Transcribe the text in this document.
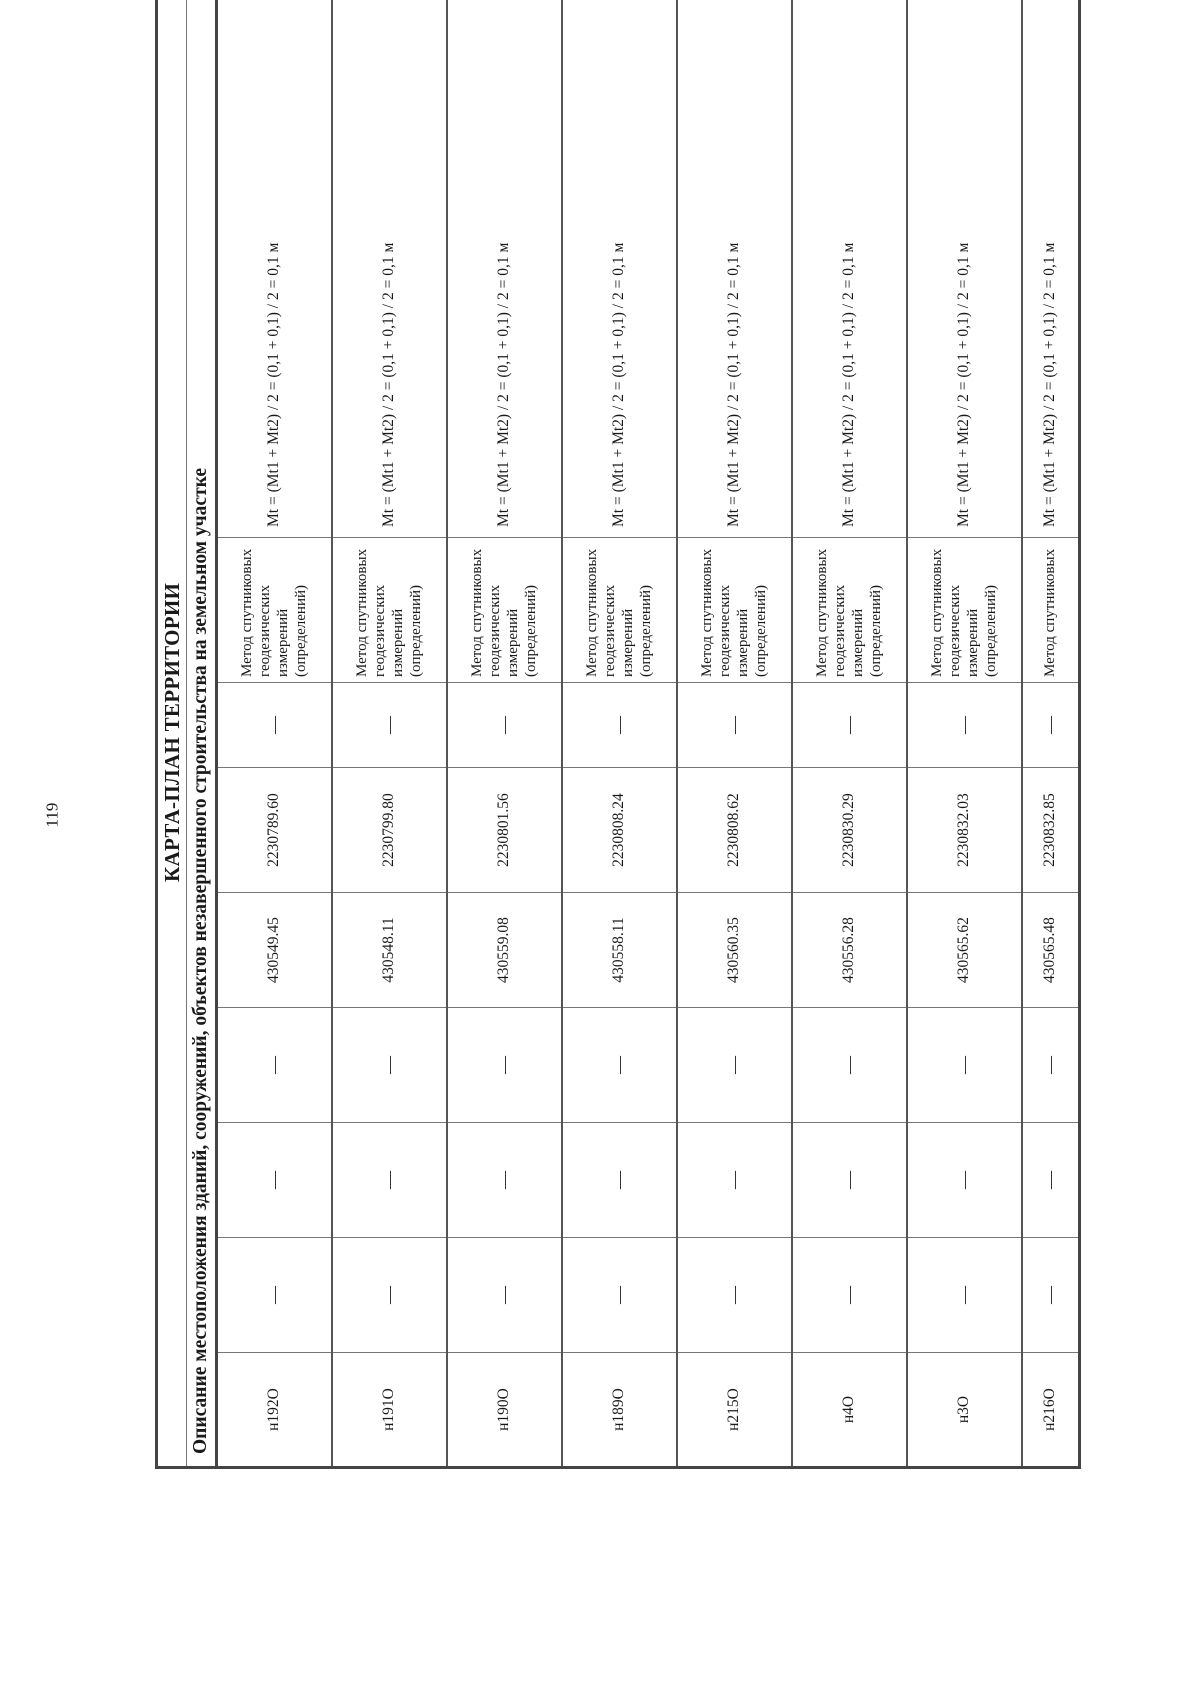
119	КАРТА-ПЛАН ТЕРРИТОРИИ								
Описание местоположения зданий, сооружений, объектов незавершенного строительства на земельном участке								
н192О	—	—	—	430549.45	2230789.60	—	Метод спутниковых геодезических измерений (определений)	Mt = (Mt1 + Mt2) / 2 = (0,1 + 0,1) / 2 = 0,1 м
н191О	—	—	—	430548.11	2230799.80	—	Метод спутниковых геодезических измерений (определений)	Mt = (Mt1 + Mt2) / 2 = (0,1 + 0,1) / 2 = 0,1 м
н190О	—	—	—	430559.08	2230801.56	—	Метод спутниковых геодезических измерений (определений)	Mt = (Mt1 + Mt2) / 2 = (0,1 + 0,1) / 2 = 0,1 м
н189О	—	—	—	430558.11	2230808.24	—	Метод спутниковых геодезических измерений (определений)	Mt = (Mt1 + Mt2) / 2 = (0,1 + 0,1) / 2 = 0,1 м
н215О	—	—	—	430560.35	2230808.62	—	Метод спутниковых геодезических измерений (определений)	Mt = (Mt1 + Mt2) / 2 = (0,1 + 0,1) / 2 = 0,1 м
н4О	—	—	—	430556.28	2230830.29	—	Метод спутниковых геодезических измерений (определений)	Mt = (Mt1 + Mt2) / 2 = (0,1 + 0,1) / 2 = 0,1 м
н3О	—	—	—	430565.62	2230832.03	—	Метод спутниковых геодезических измерений (определений)	Mt = (Mt1 + Mt2) / 2 = (0,1 + 0,1) / 2 = 0,1 м
н216О	—	—	—	430565.48	2230832.85	—	Метод спутниковых	Mt = (Mt1 + Mt2) / 2 = (0,1 + 0,1) / 2 = 0,1 м
